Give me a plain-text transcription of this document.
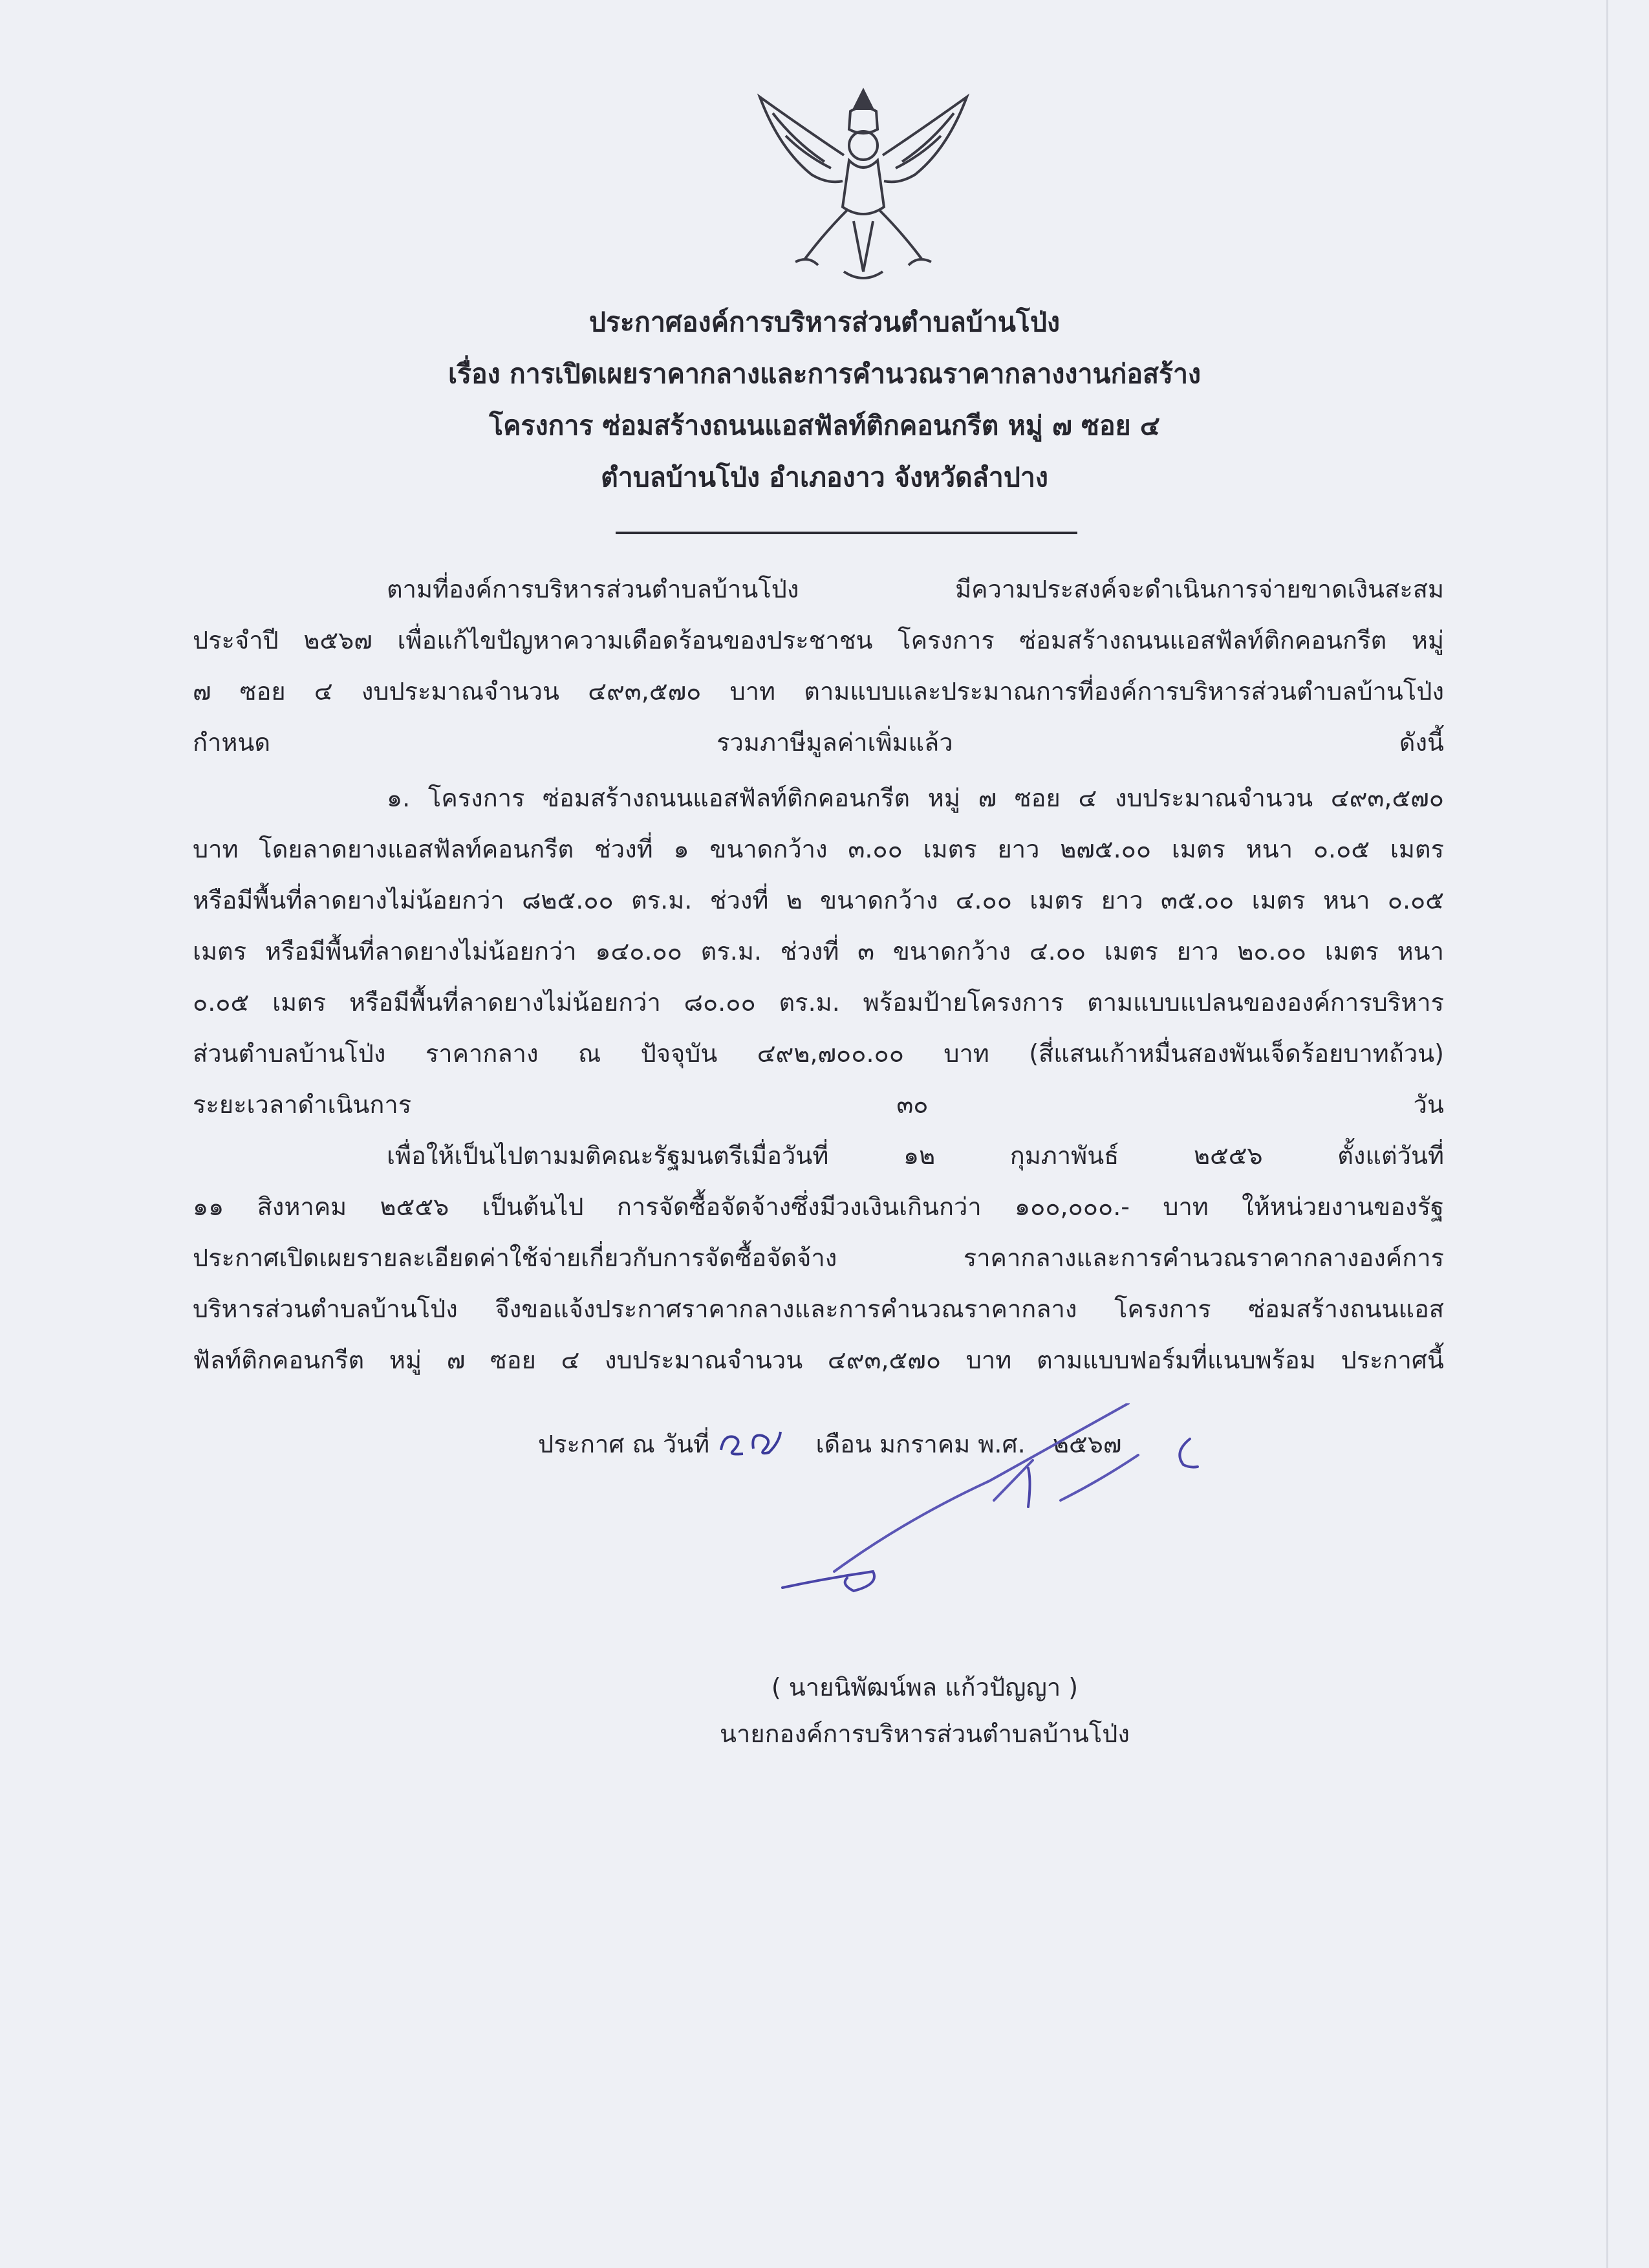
ประกาศองค์การบริหารส่วนตำบลบ้านโป่ง
เรื่อง การเปิดเผยราคากลางและการคำนวณราคากลางงานก่อสร้าง
โครงการ ซ่อมสร้างถนนแอสฟัลท์ติกคอนกรีต หมู่ ๗ ซอย ๔
ตำบลบ้านโป่ง อำเภองาว จังหวัดลำปาง
ตามที่องค์การบริหารส่วนตำบลบ้านโป่ง มีความประสงค์จะดำเนินการจ่ายขาดเงินสะสม
ประจำปี ๒๕๖๗ เพื่อแก้ไขปัญหาความเดือดร้อนของประชาชน โครงการ ซ่อมสร้างถนนแอสฟัลท์ติกคอนกรีต หมู่
๗ ซอย ๔ งบประมาณจำนวน ๔๙๓,๕๗๐ บาท ตามแบบและประมาณการที่องค์การบริหารส่วนตำบลบ้านโป่ง
กำหนด รวมภาษีมูลค่าเพิ่มแล้ว ดังนี้
๑. โครงการ ซ่อมสร้างถนนแอสฟัลท์ติกคอนกรีต หมู่ ๗ ซอย ๔ งบประมาณจำนวน ๔๙๓,๕๗๐
บาท โดยลาดยางแอสฟัลท์คอนกรีต ช่วงที่ ๑ ขนาดกว้าง ๓.๐๐ เมตร ยาว ๒๗๕.๐๐ เมตร หนา ๐.๐๕ เมตร
หรือมีพื้นที่ลาดยางไม่น้อยกว่า ๘๒๕.๐๐ ตร.ม. ช่วงที่ ๒ ขนาดกว้าง ๔.๐๐ เมตร ยาว ๓๕.๐๐ เมตร หนา ๐.๐๕
เมตร หรือมีพื้นที่ลาดยางไม่น้อยกว่า ๑๔๐.๐๐ ตร.ม. ช่วงที่ ๓ ขนาดกว้าง ๔.๐๐ เมตร ยาว ๒๐.๐๐ เมตร หนา
๐.๐๕ เมตร หรือมีพื้นที่ลาดยางไม่น้อยกว่า ๘๐.๐๐ ตร.ม. พร้อมป้ายโครงการ ตามแบบแปลนขององค์การบริหาร
ส่วนตำบลบ้านโป่ง ราคากลาง ณ ปัจจุบัน ๔๙๒,๗๐๐.๐๐ บาท (สี่แสนเก้าหมื่นสองพันเจ็ดร้อยบาทถ้วน)
ระยะเวลาดำเนินการ ๓๐ วัน
เพื่อให้เป็นไปตามมติคณะรัฐมนตรีเมื่อวันที่ ๑๒ กุมภาพันธ์ ๒๕๕๖ ตั้งแต่วันที่
๑๑ สิงหาคม ๒๕๕๖ เป็นต้นไป การจัดซื้อจัดจ้างซึ่งมีวงเงินเกินกว่า ๑๐๐,๐๐๐.- บาท ให้หน่วยงานของรัฐ
ประกาศเปิดเผยรายละเอียดค่าใช้จ่ายเกี่ยวกับการจัดซื้อจัดจ้าง ราคากลางและการคำนวณราคากลางองค์การ
บริหารส่วนตำบลบ้านโป่ง จึงขอแจ้งประกาศราคากลางและการคำนวณราคากลาง โครงการ ซ่อมสร้างถนนแอส
ฟัลท์ติกคอนกรีต หมู่ ๗ ซอย ๔ งบประมาณจำนวน ๔๙๓,๕๗๐ บาท ตามแบบฟอร์มที่แนบพร้อม ประกาศนี้
ประกาศ ณ วันที่	เดือน มกราคม พ.ศ. ๒๕๖๗
( นายนิพัฒน์พล แก้วปัญญา )
นายกองค์การบริหารส่วนตำบลบ้านโป่ง
